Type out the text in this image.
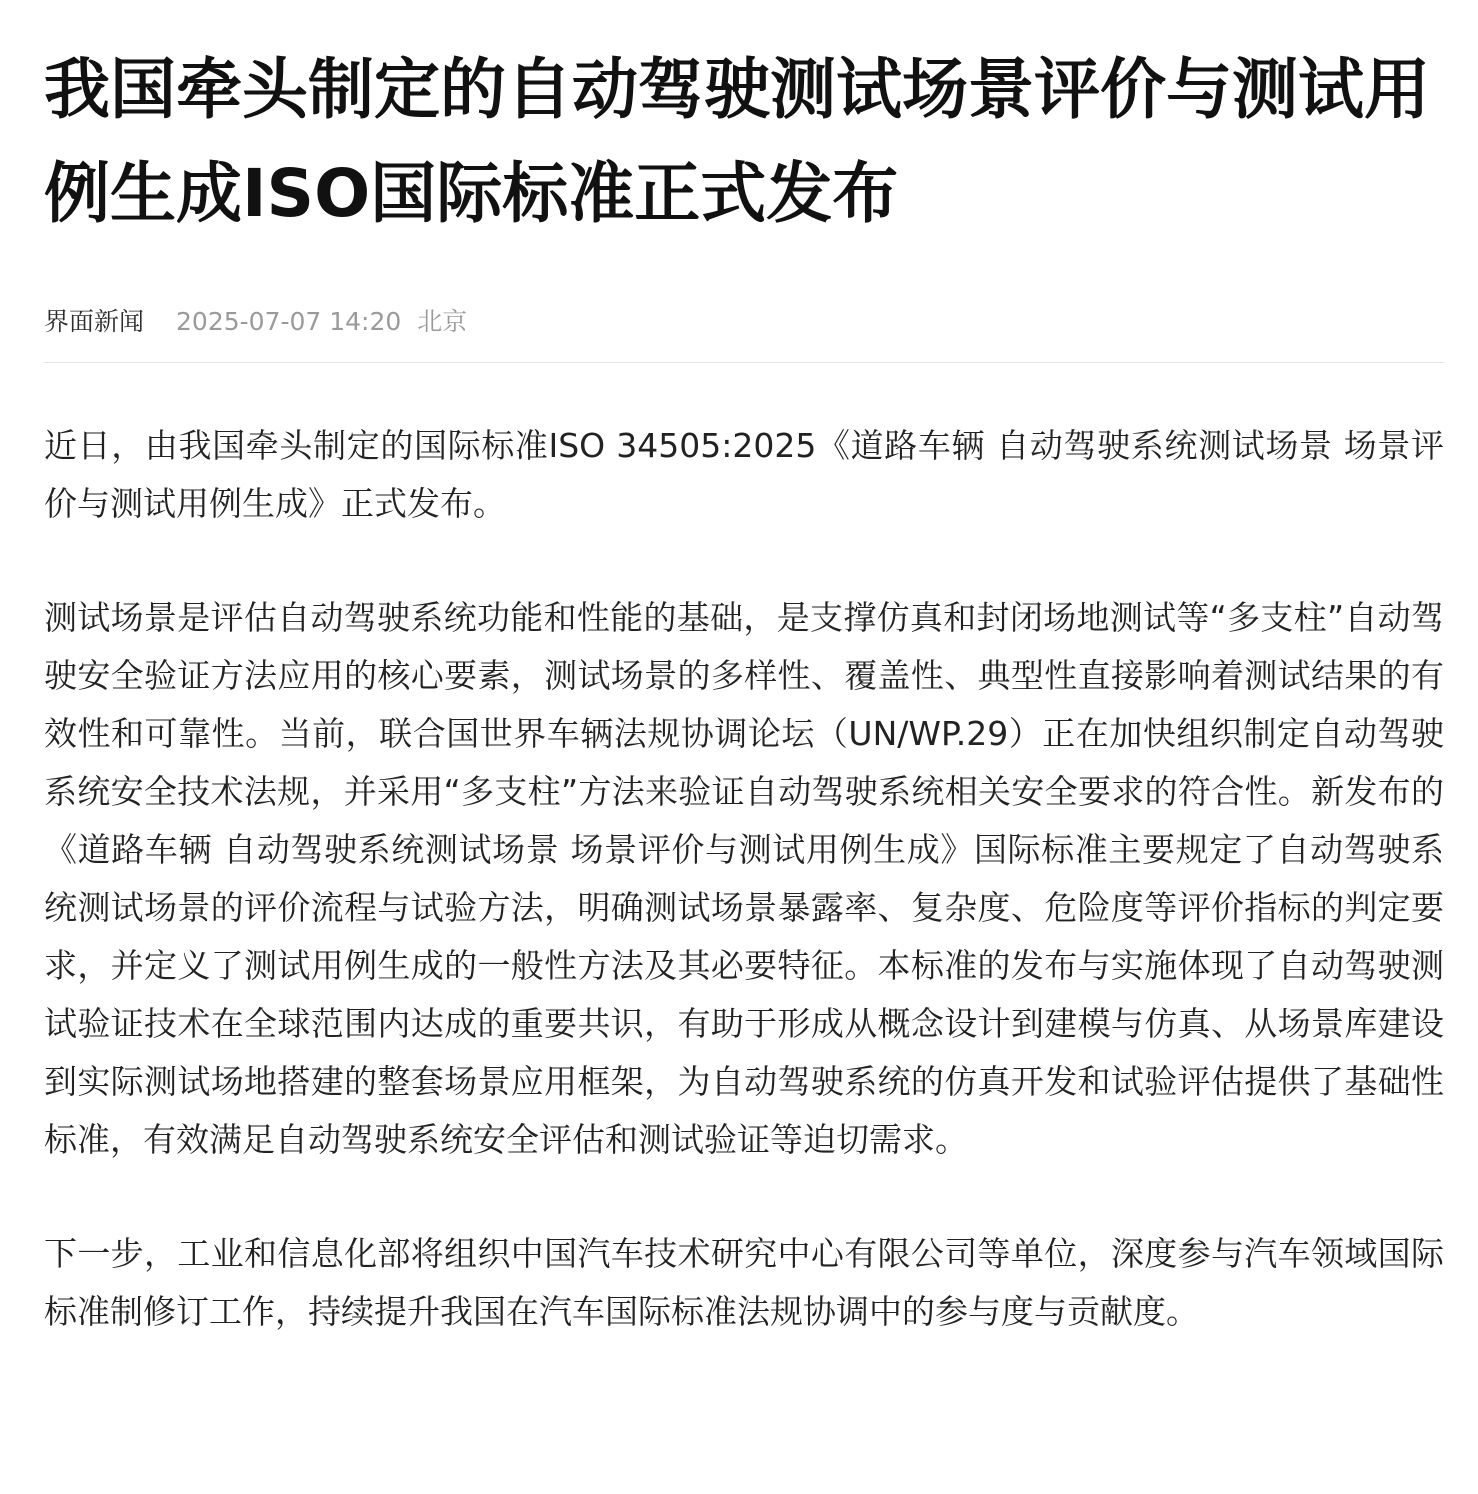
我国牵头制定的自动驾驶测试场景评价与测试用例生成ISO国际标准正式发布
界面新闻 2025-07-07 14:20 北京

近日，由我国牵头制定的国际标准ISO 34505:2025《道路车辆 自动驾驶系统测试场景 场景评价与测试用例生成》正式发布。

测试场景是评估自动驾驶系统功能和性能的基础，是支撑仿真和封闭场地测试等“多支柱”自动驾驶安全验证方法应用的核心要素，测试场景的多样性、覆盖性、典型性直接影响着测试结果的有效性和可靠性。当前，联合国世界车辆法规协调论坛（UN/WP.29）正在加快组织制定自动驾驶系统安全技术法规，并采用“多支柱”方法来验证自动驾驶系统相关安全要求的符合性。新发布的《道路车辆 自动驾驶系统测试场景 场景评价与测试用例生成》国际标准主要规定了自动驾驶系统测试场景的评价流程与试验方法，明确测试场景暴露率、复杂度、危险度等评价指标的判定要求，并定义了测试用例生成的一般性方法及其必要特征。本标准的发布与实施体现了自动驾驶测试验证技术在全球范围内达成的重要共识，有助于形成从概念设计到建模与仿真、从场景库建设到实际测试场地搭建的整套场景应用框架，为自动驾驶系统的仿真开发和试验评估提供了基础性标准，有效满足自动驾驶系统安全评估和测试验证等迫切需求。

下一步，工业和信息化部将组织中国汽车技术研究中心有限公司等单位，深度参与汽车领域国际标准制修订工作，持续提升我国在汽车国际标准法规协调中的参与度与贡献度。
